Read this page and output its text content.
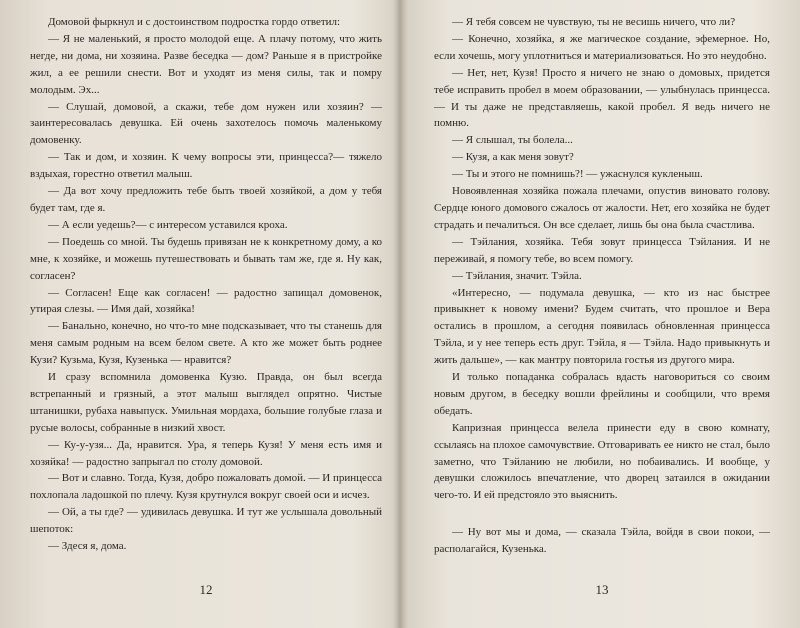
Домовой фыркнул и с достоинством подростка гордо ответил:

— Я не маленький, я просто молодой еще. А плачу потому, что жить негде, ни дома, ни хозяина. Разве беседка — дом? Раньше я в пристройке жил, а ее решили снести. Вот и уходят из меня силы, так и помру молодым. Эх...

— Слушай, домовой, а скажи, тебе дом нужен или хозяин? — заинтересовалась девушка. Ей очень захотелось помочь маленькому домовенку.

— Так и дом, и хозяин. К чему вопросы эти, принцесса?— тяжело вздыхая, горестно ответил малыш.

— Да вот хочу предложить тебе быть твоей хозяйкой, а дом у тебя будет там, где я.

— А если уедешь?— с интересом уставился кроха.

— Поедешь со мной. Ты будешь привязан не к конкретному дому, а ко мне, к хозяйке, и можешь путешествовать и бывать там же, где я. Ну как, согласен?

— Согласен! Еще как согласен! — радостно запищал домовенок, утирая слезы. — Имя дай, хозяйка!

— Банально, конечно, но что-то мне подсказывает, что ты станешь для меня самым родным на всем белом свете. А кто же может быть роднее Кузи? Кузьма, Кузя, Кузенька — нравится?

И сразу вспомнила домовенка Кузю. Правда, он был всегда встрепанный и грязный, а этот малыш выглядел опрятно. Чистые штанишки, рубаха навыпуск. Умильная мордаха, большие голубые глаза и русые волосы, собранные в низкий хвост.

— Ку-у-узя... Да, нравится. Ура, я теперь Кузя! У меня есть имя и хозяйка! — радостно запрыгал по столу домовой.

— Вот и славно. Тогда, Кузя, добро пожаловать домой. — И принцесса похлопала ладошкой по плечу. Кузя крутнулся вокруг своей оси и исчез.

— Ой, а ты где? — удивилась девушка. И тут же услышала довольный шепоток:

— Здеся я, дома.

12

— Я тебя совсем не чувствую, ты не весишь ничего, что ли?

— Конечно, хозяйка, я же магическое создание, эфемерное. Но, если хочешь, могу уплотниться и материализоваться. Но это неудобно.

— Нет, нет, Кузя! Просто я ничего не знаю о домовых, придется тебе исправить пробел в моем образовании, — улыбнулась принцесса. — И ты даже не представляешь, какой пробел. Я ведь ничего не помню.

— Я слышал, ты болела...

— Кузя, а как меня зовут?

— Ты и этого не помнишь?! — ужаснулся кукленыш.

Новоявленная хозяйка пожала плечами, опустив виновато голову. Сердце юного домового сжалось от жалости. Нет, его хозяйка не будет страдать и печалиться. Он все сделает, лишь бы она была счастлива.

— Тэйлания, хозяйка. Тебя зовут принцесса Тэйлания. И не переживай, я помогу тебе, во всем помогу.

— Тэйлания, значит. Тэйла.

«Интересно, — подумала девушка, — кто из нас быстрее привыкнет к новому имени? Будем считать, что прошлое и Вера остались в прошлом, а сегодня появилась обновленная принцесса Тэйла, и у нее теперь есть друг. Тэйла, я — Тэйла. Надо привыкнуть и жить дальше», — как мантру повторила гостья из другого мира.

И только попаданка собралась вдасть наговориться со своим новым другом, в беседку вошли фрейлины и сообщили, что время обедать.

Капризная принцесса велела принести еду в свою комнату, ссылаясь на плохое самочувствие. Отговаривать ее никто не стал, было заметно, что Тэйланию не любили, но побаивались. И вообще, у девушки сложилось впечатление, что дворец затаился в ожидании чего-то. И ей предстояло это выяснить.

— Ну вот мы и дома, — сказала Тэйла, войдя в свои покои, — располагайся, Кузенька.

13
